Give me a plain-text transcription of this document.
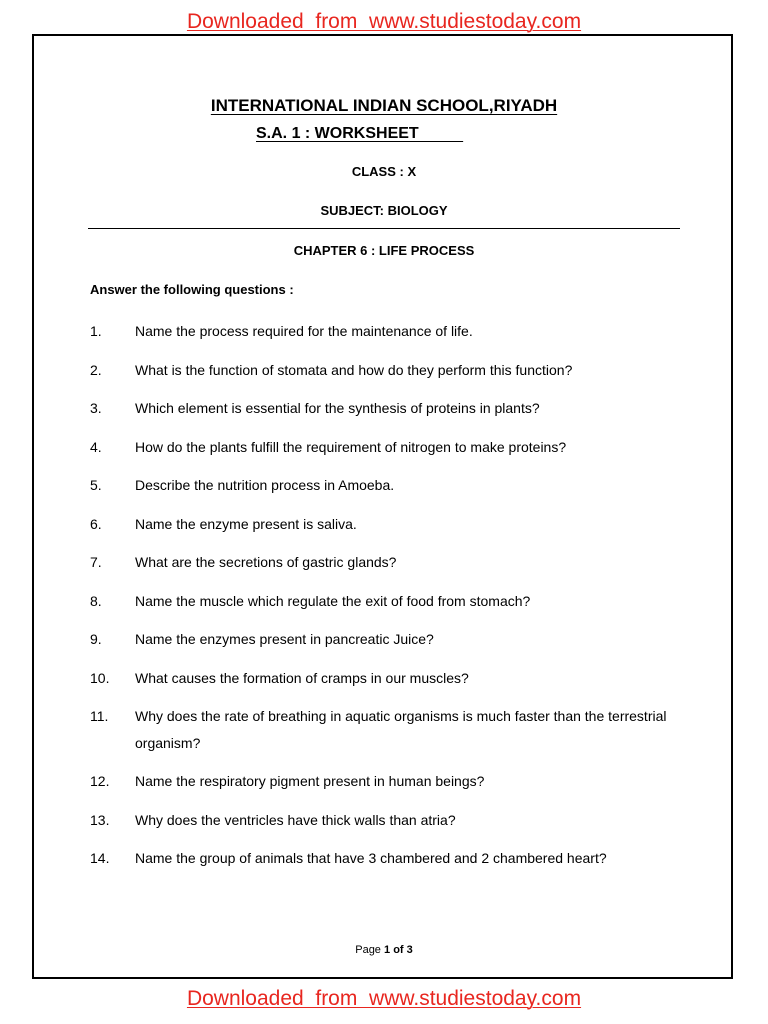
Downloaded  from  www.studiestoday.com
INTERNATIONAL INDIAN SCHOOL,RIYADH
S.A. 1 : WORKSHEET
CLASS : X
SUBJECT: BIOLOGY
CHAPTER 6 : LIFE PROCESS
Answer the following questions :
1. Name the process required for the maintenance of life.
2. What is the function of stomata and how do they perform this function?
3. Which element is essential for the synthesis of proteins in plants?
4. How do the plants fulfill the requirement of nitrogen to make proteins?
5. Describe the nutrition process in Amoeba.
6. Name the enzyme present is saliva.
7. What are the secretions of gastric glands?
8. Name the muscle which regulate the exit of food from stomach?
9. Name the enzymes present in pancreatic Juice?
10. What causes the formation of cramps in our muscles?
11. Why does the rate of breathing in aquatic organisms is much faster than the terrestrial organism?
12. Name the respiratory pigment present in human beings?
13. Why does the ventricles have thick walls than atria?
14. Name the group of animals that have 3 chambered and 2 chambered heart?
Page 1 of 3
Downloaded  from  www.studiestoday.com
